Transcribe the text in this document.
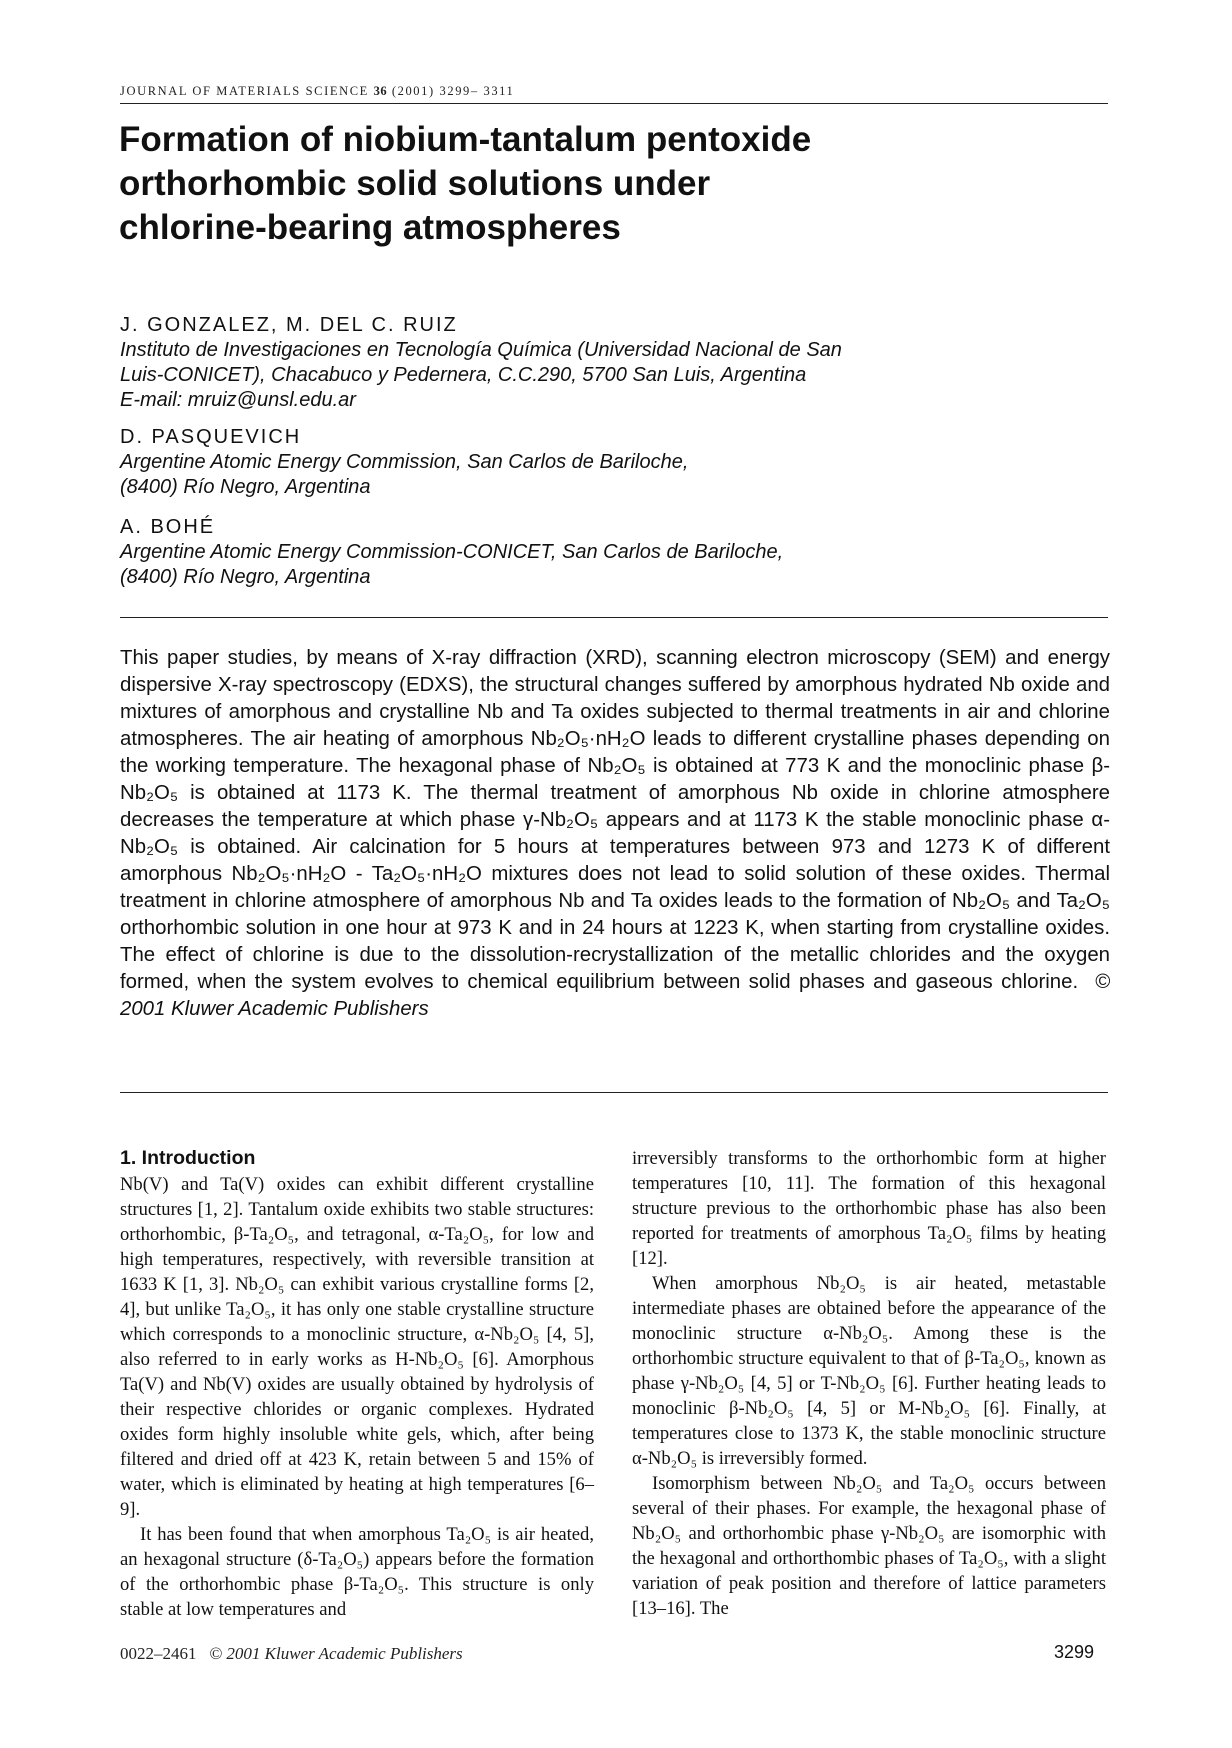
JOURNAL OF MATERIALS SCIENCE 36 (2001) 3299– 3311
Formation of niobium-tantalum pentoxide
orthorhombic solid solutions under
chlorine-bearing atmospheres
J. GONZALEZ, M. DEL C. RUIZ
Instituto de Investigaciones en Tecnología Química (Universidad Nacional de San
Luis-CONICET), Chacabuco y Pedernera, C.C.290, 5700 San Luis, Argentina
E-mail: mruiz@unsl.edu.ar
D. PASQUEVICH
Argentine Atomic Energy Commission, San Carlos de Bariloche,
(8400) Río Negro, Argentina
A. BOHÉ
Argentine Atomic Energy Commission-CONICET, San Carlos de Bariloche,
(8400) Río Negro, Argentina
This paper studies, by means of X-ray diffraction (XRD), scanning electron microscopy (SEM) and energy dispersive X-ray spectroscopy (EDXS), the structural changes suffered by amorphous hydrated Nb oxide and mixtures of amorphous and crystalline Nb and Ta oxides subjected to thermal treatments in air and chlorine atmospheres. The air heating of amorphous Nb₂O₅·nH₂O leads to different crystalline phases depending on the working temperature. The hexagonal phase of Nb₂O₅ is obtained at 773 K and the monoclinic phase β-Nb₂O₅ is obtained at 1173 K. The thermal treatment of amorphous Nb oxide in chlorine atmosphere decreases the temperature at which phase γ-Nb₂O₅ appears and at 1173 K the stable monoclinic phase α-Nb₂O₅ is obtained. Air calcination for 5 hours at temperatures between 973 and 1273 K of different amorphous Nb₂O₅·nH₂O - Ta₂O₅·nH₂O mixtures does not lead to solid solution of these oxides. Thermal treatment in chlorine atmosphere of amorphous Nb and Ta oxides leads to the formation of Nb₂O₅ and Ta₂O₅ orthorhombic solution in one hour at 973 K and in 24 hours at 1223 K, when starting from crystalline oxides. The effect of chlorine is due to the dissolution-recrystallization of the metallic chlorides and the oxygen formed, when the system evolves to chemical equilibrium between solid phases and gaseous chlorine. © 2001 Kluwer Academic Publishers
1. Introduction

Nb(V) and Ta(V) oxides can exhibit different crystalline structures [1, 2]. Tantalum oxide exhibits two stable structures: orthorhombic, β-Ta₂O₅, and tetragonal, α-Ta₂O₅, for low and high temperatures, respectively, with reversible transition at 1633 K [1, 3]. Nb₂O₅ can exhibit various crystalline forms [2, 4], but unlike Ta₂O₅, it has only one stable crystalline structure which corresponds to a monoclinic structure, α-Nb₂O₅ [4, 5], also referred to in early works as H-Nb₂O₅ [6]. Amorphous Ta(V) and Nb(V) oxides are usually obtained by hydrolysis of their respective chlorides or organic complexes. Hydrated oxides form highly insoluble white gels, which, after being filtered and dried off at 423 K, retain between 5 and 15% of water, which is eliminated by heating at high temperatures [6–9].

It has been found that when amorphous Ta₂O₅ is air heated, an hexagonal structure (δ-Ta₂O₅) appears before the formation of the orthorhombic phase β-Ta₂O₅. This structure is only stable at low temperatures and

irreversibly transforms to the orthorhombic form at higher temperatures [10, 11]. The formation of this hexagonal structure previous to the orthorhombic phase has also been reported for treatments of amorphous Ta₂O₅ films by heating [12].

When amorphous Nb₂O₅ is air heated, metastable intermediate phases are obtained before the appearance of the monoclinic structure α-Nb₂O₅. Among these is the orthorhombic structure equivalent to that of β-Ta₂O₅, known as phase γ-Nb₂O₅ [4, 5] or T-Nb₂O₅ [6]. Further heating leads to monoclinic β-Nb₂O₅ [4, 5] or M-Nb₂O₅ [6]. Finally, at temperatures close to 1373 K, the stable monoclinic structure α-Nb₂O₅ is irreversibly formed.

Isomorphism between Nb₂O₅ and Ta₂O₅ occurs between several of their phases. For example, the hexagonal phase of Nb₂O₅ and orthorhombic phase γ-Nb₂O₅ are isomorphic with the hexagonal and orthorthombic phases of Ta₂O₅, with a slight variation of peak position and therefore of lattice parameters [13–16]. The

0022–2461 © 2001 Kluwer Academic Publishers	3299
